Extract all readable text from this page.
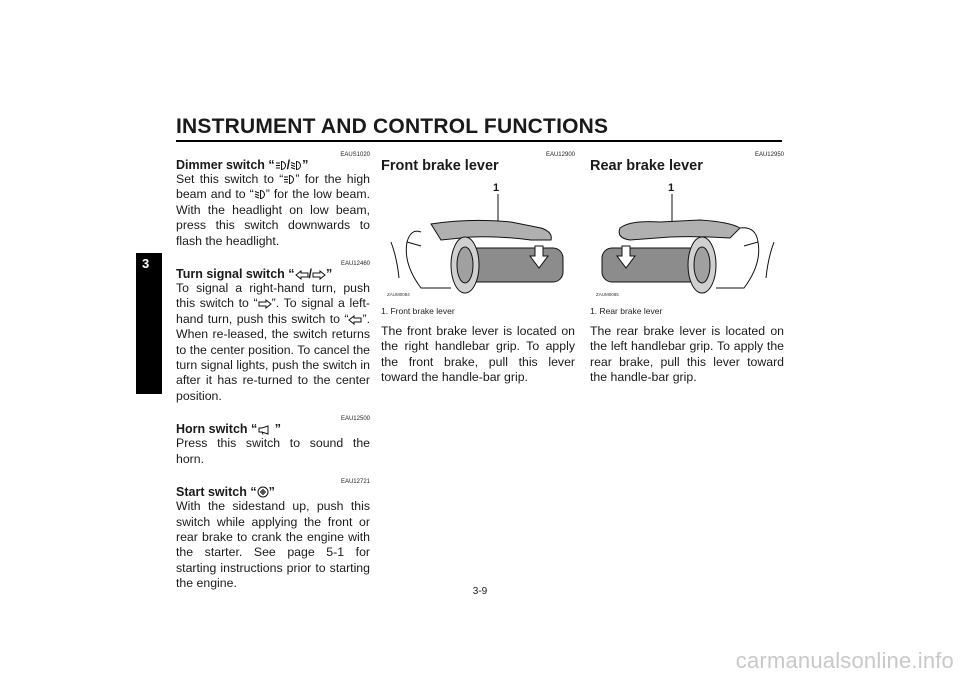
INSTRUMENT AND CONTROL FUNCTIONS
3
EAUS1020
Dimmer switch “ / ”
Set this switch to “ ” for the high beam and to “ ” for the low beam. With the headlight on low beam, press this switch downwards to flash the headlight.
EAU12460
Turn signal switch “ / ”
To signal a right-hand turn, push this switch to “ ”. To signal a left-hand turn, push this switch to “ ”. When re-leased, the switch returns to the center position. To cancel the turn signal lights, push the switch in after it has re-turned to the center position.
EAU12500
Horn switch “ ”
Press this switch to sound the horn.
EAU12721
Start switch “ ”
With the sidestand up, push this switch while applying the front or rear brake to crank the engine with the starter. See page 5-1 for starting instructions prior to starting the engine.
EAU12900
Front brake lever
1
ZAUM0084
1. Front brake lever
The front brake lever is located on the right handlebar grip. To apply the front brake, pull this lever toward the handle-bar grip.
EAU12950
Rear brake lever
1
ZAUM0085
1. Rear brake lever
The rear brake lever is located on the left handlebar grip. To apply the rear brake, pull this lever toward the handle-bar grip.
3-9
carmanualsonline.info
